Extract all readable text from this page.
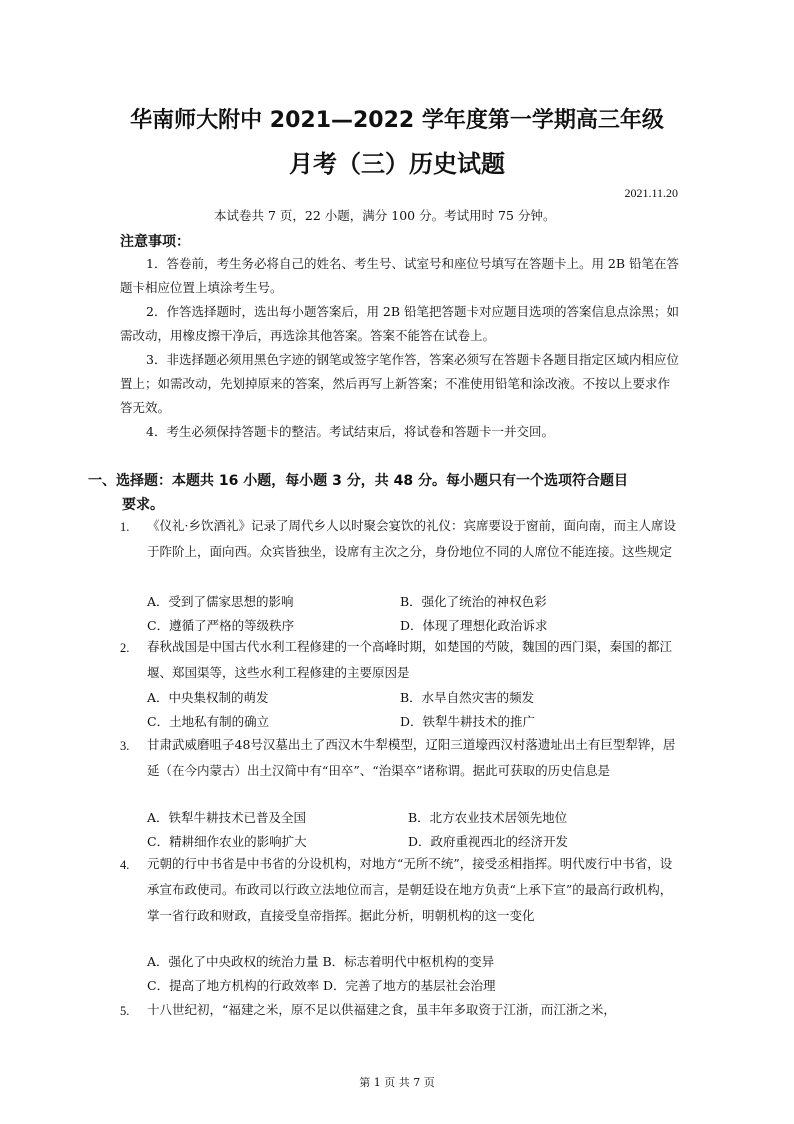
华南师大附中 2021—2022 学年度第一学期高三年级
月考（三）历史试题
2021.11.20
本试卷共 7 页，22 小题，满分 100 分。考试用时 75 分钟。
注意事项：
1．答卷前，考生务必将自己的姓名、考生号、试室号和座位号填写在答题卡上。用 2B 铅笔在答题卡相应位置上填涂考生号。
2．作答选择题时，选出每小题答案后，用 2B 铅笔把答题卡对应题目选项的答案信息点涂黑；如需改动，用橡皮擦干净后，再选涂其他答案。答案不能答在试卷上。
3．非选择题必须用黑色字迹的钢笔或签字笔作答，答案必须写在答题卡各题目指定区域内相应位置上；如需改动，先划掉原来的答案，然后再写上新答案；不准使用铅笔和涂改液。不按以上要求作答无效。
4．考生必须保持答题卡的整洁。考试结束后，将试卷和答题卡一并交回。
一、选择题：本题共 16 小题，每小题 3 分，共 48 分。每小题只有一个选项符合题目
要求。
1. 《仪礼·乡饮酒礼》记录了周代乡人以时聚会宴饮的礼仪：宾席要设于窗前，面向南，而主人席设于阼阶上，面向西。众宾皆独坐，设席有主次之分，身份地位不同的人席位不能连接。这些规定
A．受到了儒家思想的影响	B．强化了统治的神权色彩
C．遵循了严格的等级秩序	D．体现了理想化政治诉求
2. 春秋战国是中国古代水利工程修建的一个高峰时期，如楚国的芍陂，魏国的西门渠，秦国的都江堰、郑国渠等，这些水利工程修建的主要原因是
A．中央集权制的萌发	B．水旱自然灾害的频发
C．土地私有制的确立	D．铁犁牛耕技术的推广
3. 甘肃武威磨咀子48号汉墓出土了西汉木牛犁模型，辽阳三道壕西汉村落遗址出土有巨型犁铧，居延（在今内蒙古）出土汉简中有“田卒”、“治渠卒”诸称谓。据此可获取的历史信息是
A．铁犁牛耕技术已普及全国	B．北方农业技术居领先地位
C．精耕细作农业的影响扩大	D．政府重视西北的经济开发
4. 元朝的行中书省是中书省的分设机构，对地方“无所不统”，接受丞相指挥。明代废行中书省，设承宣布政使司。布政司以行政立法地位而言，是朝廷设在地方负责“上承下宣”的最高行政机构，掌一省行政和财政，直接受皇帝指挥。据此分析，明朝机构的这一变化
A．强化了中央政权的统治力量 B．标志着明代中枢机构的变异
C．提高了地方机构的行政效率 D．完善了地方的基层社会治理
5. 十八世纪初，“福建之米，原不足以供福建之食，虽丰年多取资于江浙，而江浙之米，
第 1 页 共 7 页
